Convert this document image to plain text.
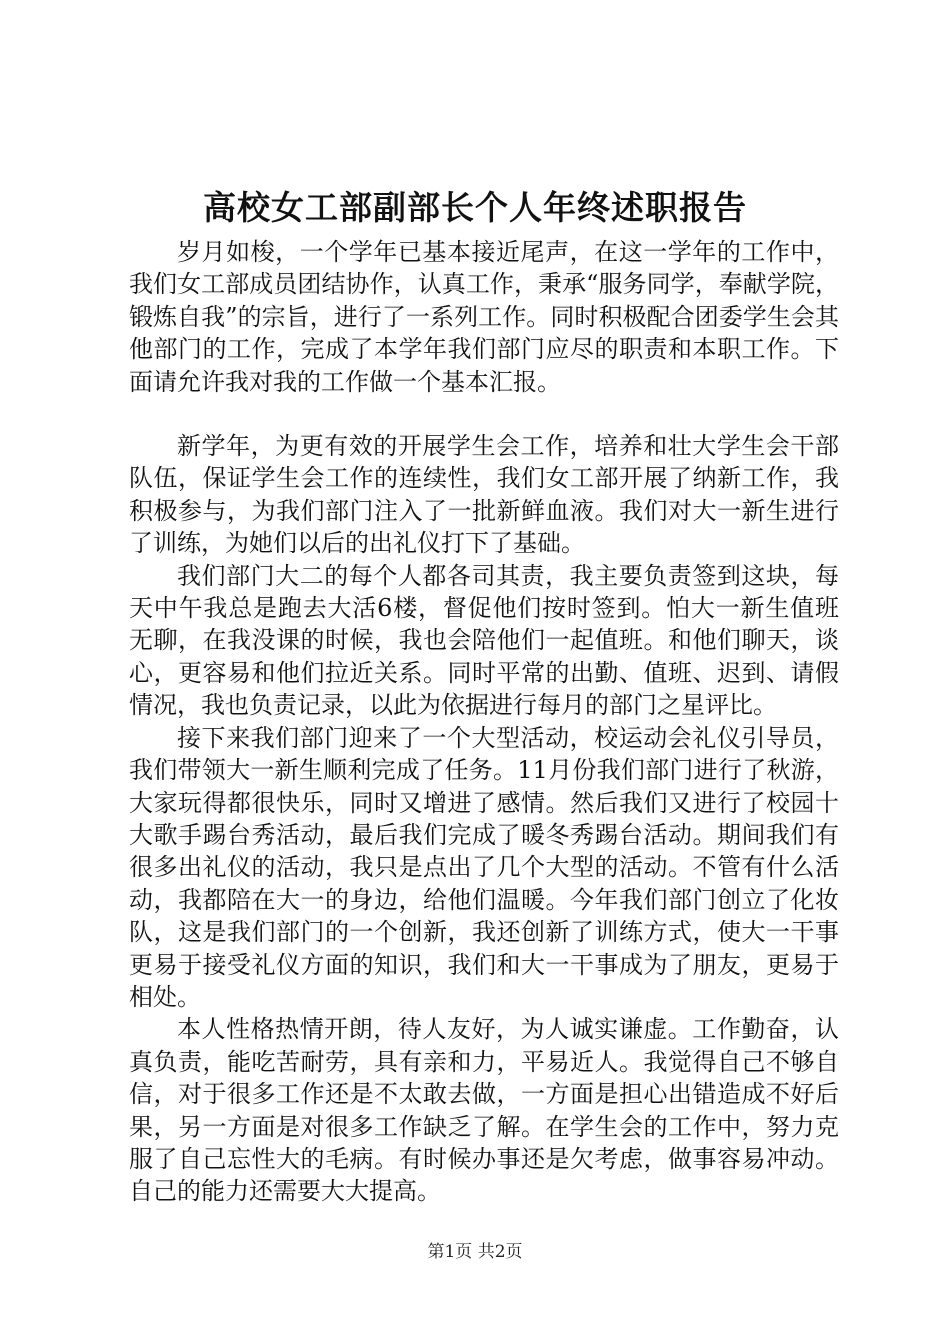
高校女工部副部长个人年终述职报告

岁月如梭，一个学年已基本接近尾声，在这一学年的工作中，我们女工部成员团结协作，认真工作，秉承“服务同学，奉献学院，锻炼自我”的宗旨，进行了一系列工作。同时积极配合团委学生会其他部门的工作，完成了本学年我们部门应尽的职责和本职工作。下面请允许我对我的工作做一个基本汇报。

新学年，为更有效的开展学生会工作，培养和壮大学生会干部队伍，保证学生会工作的连续性，我们女工部开展了纳新工作，我积极参与，为我们部门注入了一批新鲜血液。我们对大一新生进行了训练，为她们以后的出礼仪打下了基础。

我们部门大二的每个人都各司其责，我主要负责签到这块，每天中午我总是跑去大活6楼，督促他们按时签到。怕大一新生值班无聊，在我没课的时候，我也会陪他们一起值班。和他们聊天，谈心，更容易和他们拉近关系。同时平常的出勤、值班、迟到、请假情况，我也负责记录，以此为依据进行每月的部门之星评比。

接下来我们部门迎来了一个大型活动，校运动会礼仪引导员，我们带领大一新生顺利完成了任务。11月份我们部门进行了秋游，大家玩得都很快乐，同时又增进了感情。然后我们又进行了校园十大歌手踢台秀活动，最后我们完成了暖冬秀踢台活动。期间我们有很多出礼仪的活动，我只是点出了几个大型的活动。不管有什么活动，我都陪在大一的身边，给他们温暖。今年我们部门创立了化妆队，这是我们部门的一个创新，我还创新了训练方式，使大一干事更易于接受礼仪方面的知识，我们和大一干事成为了朋友，更易于相处。

本人性格热情开朗，待人友好，为人诚实谦虚。工作勤奋，认真负责，能吃苦耐劳，具有亲和力，平易近人。我觉得自己不够自信，对于很多工作还是不太敢去做，一方面是担心出错造成不好后果，另一方面是对很多工作缺乏了解。在学生会的工作中，努力克服了自己忘性大的毛病。有时候办事还是欠考虑，做事容易冲动。自己的能力还需要大大提高。

第1页 共2页
